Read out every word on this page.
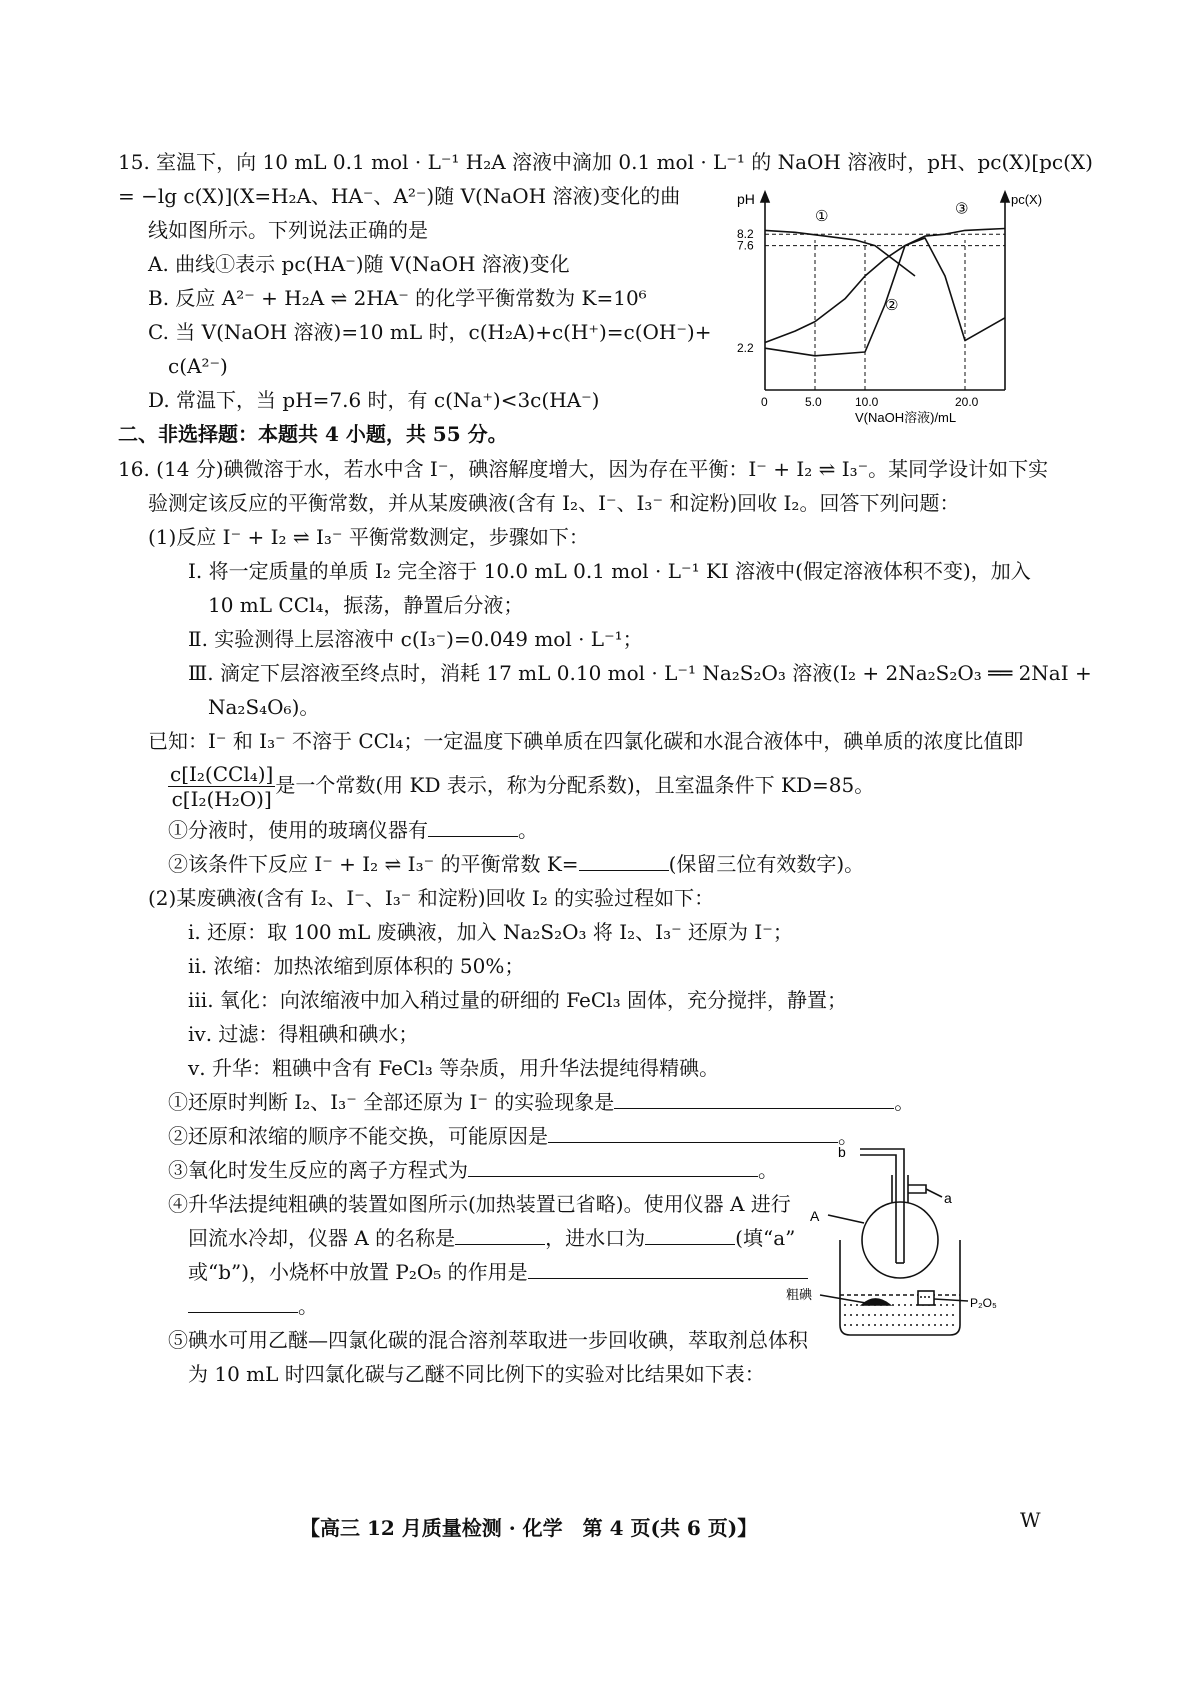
15. 室温下，向 10 mL 0.1 mol · L⁻¹ H₂A 溶液中滴加 0.1 mol · L⁻¹ 的 NaOH 溶液时，pH、pc(X)[pc(X)
= −lg c(X)](X=H₂A、HA⁻、A²⁻)随 V(NaOH 溶液)变化的曲
线如图所示。下列说法正确的是
A. 曲线①表示 pc(HA⁻)随 V(NaOH 溶液)变化
B. 反应 A²⁻ + H₂A ⇌ 2HA⁻ 的化学平衡常数为 K=10⁶
C. 当 V(NaOH 溶液)=10 mL 时，c(H₂A)+c(H⁺)=c(OH⁻)+
c(A²⁻)
D. 常温下，当 pH=7.6 时，有 c(Na⁺)<3c(HA⁻)	0	5.0	10.0	20.0
8.2
7.6
2.2
①
②
③
pH	pc(X)
V(NaOH溶液)/mL
二、非选择题：本题共 4 小题，共 55 分。
16. (14 分)碘微溶于水，若水中含 I⁻，碘溶解度增大，因为存在平衡：I⁻ + I₂ ⇌ I₃⁻。某同学设计如下实
验测定该反应的平衡常数，并从某废碘液(含有 I₂、I⁻、I₃⁻ 和淀粉)回收 I₂。回答下列问题：
(1)反应 I⁻ + I₂ ⇌ I₃⁻ 平衡常数测定，步骤如下：
Ⅰ. 将一定质量的单质 I₂ 完全溶于 10.0 mL 0.1 mol · L⁻¹ KI 溶液中(假定溶液体积不变)，加入
10 mL CCl₄，振荡，静置后分液；
Ⅱ. 实验测得上层溶液中 c(I₃⁻)=0.049 mol · L⁻¹；
Ⅲ. 滴定下层溶液至终点时，消耗 17 mL 0.10 mol · L⁻¹ Na₂S₂O₃ 溶液(I₂ + 2Na₂S₂O₃ ══ 2NaI +
Na₂S₄O₆)。
已知：I⁻ 和 I₃⁻ 不溶于 CCl₄；一定温度下碘单质在四氯化碳和水混合液体中，碘单质的浓度比值即
$\frac{\text{c[I₂(CCl₄)]}}{\text{c[I₂(H₂O)]}}$ 是一个常数(用 KD 表示，称为分配系数)，且室温条件下 KD=85。
①分液时，使用的玻璃仪器有	。
②该条件下反应 I⁻ + I₂ ⇌ I₃⁻ 的平衡常数 K=	(保留三位有效数字)。
(2)某废碘液(含有 I₂、I⁻、I₃⁻ 和淀粉)回收 I₂ 的实验过程如下：
ⅰ. 还原：取 100 mL 废碘液，加入 Na₂S₂O₃ 将 I₂、I₃⁻ 还原为 I⁻；
ⅱ. 浓缩：加热浓缩到原体积的 50%；
ⅲ. 氧化：向浓缩液中加入稍过量的研细的 FeCl₃ 固体，充分搅拌，静置；
ⅳ. 过滤：得粗碘和碘水；
ⅴ. 升华：粗碘中含有 FeCl₃ 等杂质，用升华法提纯得精碘。
①还原时判断 I₂、I₃⁻ 全部还原为 I⁻ 的实验现象是	。
②还原和浓缩的顺序不能交换，可能原因是	。
③氧化时发生反应的离子方程式为	。
④升华法提纯粗碘的装置如图所示(加热装置已省略)。使用仪器 A 进行
回流水冷却，仪器 A 的名称是	，进水口为	(填“a”
或“b”)，小烧杯中放置 P₂O₅ 的作用是
。
⑤碘水可用乙醚—四氯化碳的混合溶剂萃取进一步回收碘，萃取剂总体积
为 10 mL 时四氯化碳与乙醚不同比例下的实验对比结果如下表：
b
a
A
粗碘
P₂O₅
【高三 12 月质量检测 · 化学　第 4 页(共 6 页)】	W
